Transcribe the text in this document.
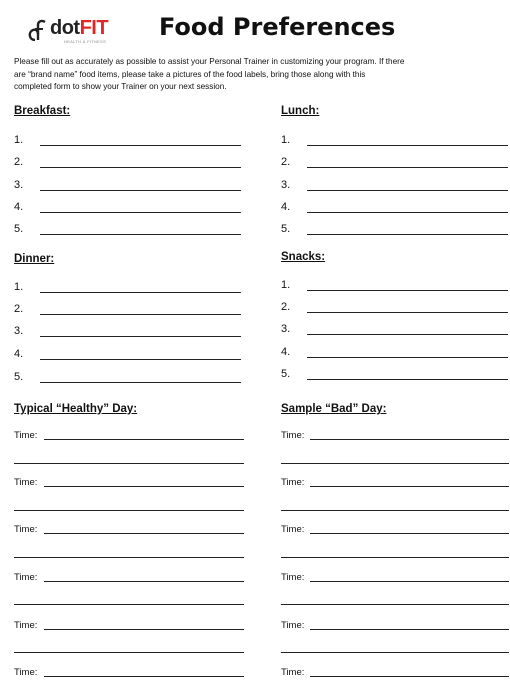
dotFIT
HEALTH & FITNESS
Food Preferences
Please fill out as accurately as possible to assist your Personal Trainer in customizing your program. If there
are “brand name” food items, please take a pictures of the food labels, bring those along with this
completed form to show your Trainer on your next session.
Breakfast:
1.
2.
3.
4.
5.
Lunch:
1.
2.
3.
4.
5.
Dinner:
1.
2.
3.
4.
5.
Snacks:
1.
2.
3.
4.
5.
Typical “Healthy” Day:
Time:
Time:
Time:
Time:
Time:
Time:
Sample “Bad” Day:
Time:
Time:
Time:
Time:
Time:
Time:
